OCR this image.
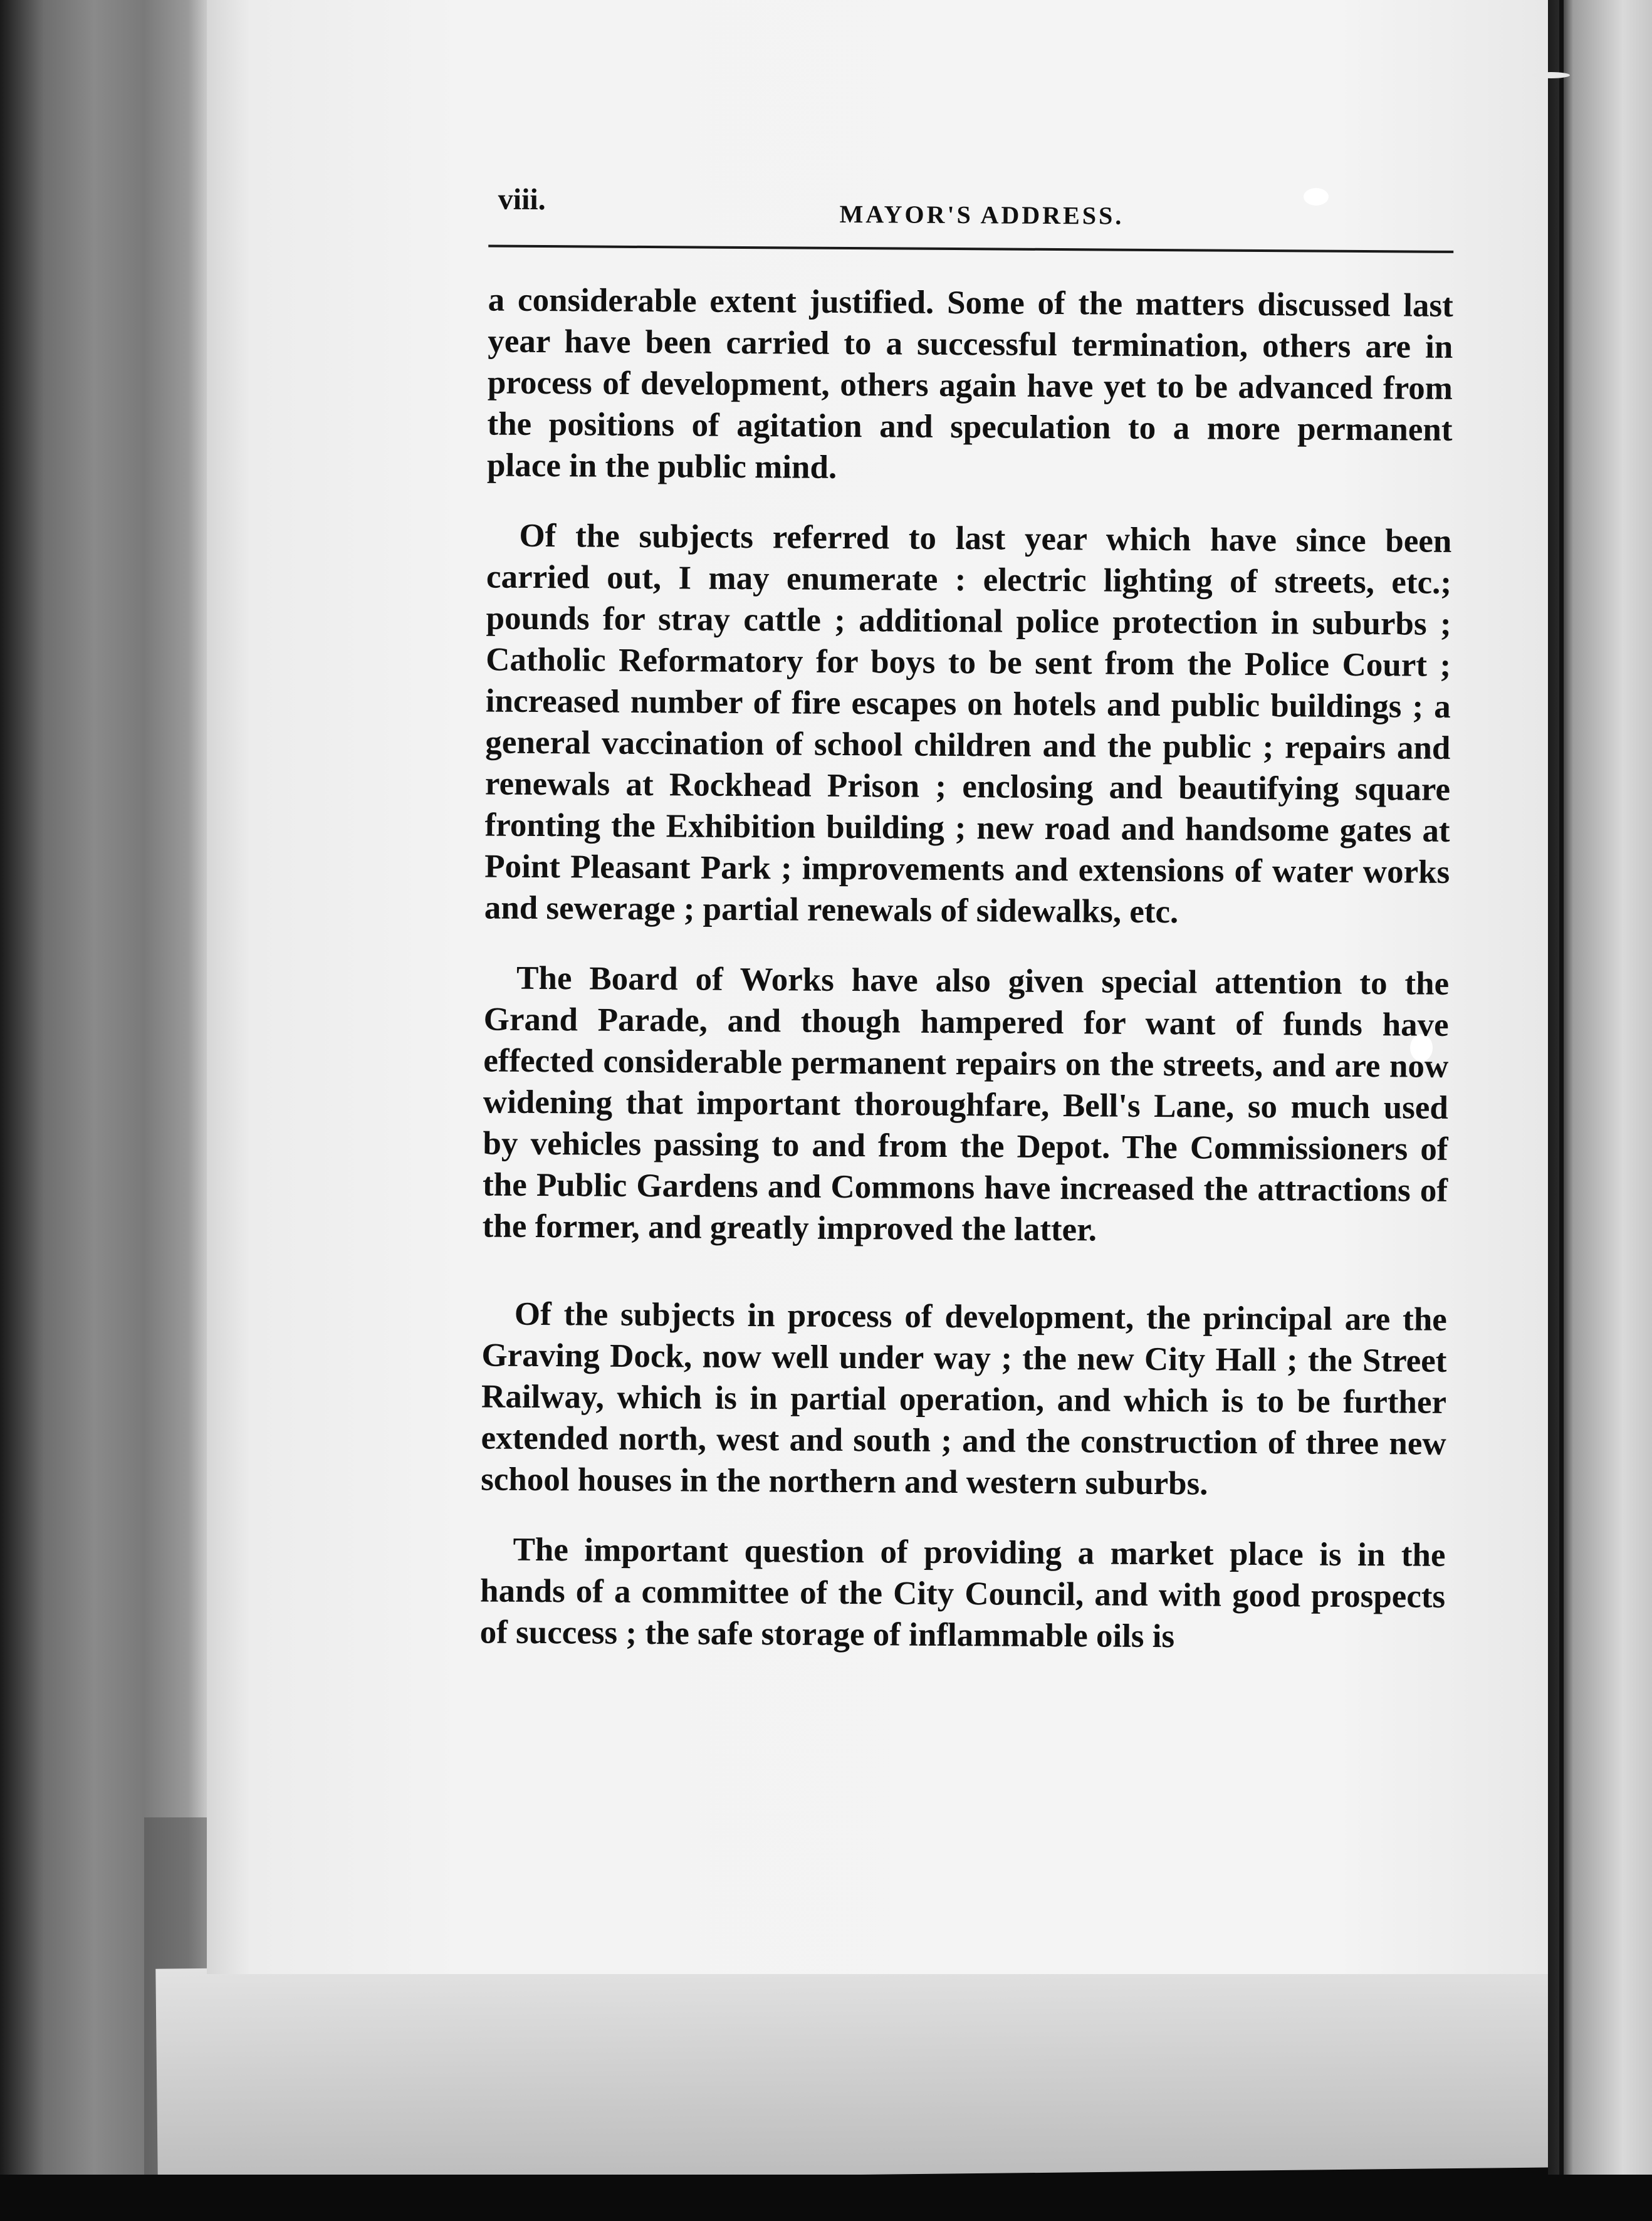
viii.	MAYOR'S ADDRESS.

a considerable extent justified. Some of the matters discussed last year have been carried to a successful termination, others are in process of development, others again have yet to be advanced from the positions of agitation and speculation to a more permanent place in the public mind.

Of the subjects referred to last year which have since been carried out, I may enumerate : electric lighting of streets, etc.; pounds for stray cattle ; additional police protection in suburbs ; Catholic Reformatory for boys to be sent from the Police Court ; increased number of fire escapes on hotels and public buildings ; a general vaccination of school children and the public ; repairs and renewals at Rockhead Prison ; enclosing and beautifying square fronting the Exhibition building ; new road and handsome gates at Point Pleasant Park ; improvements and extensions of water works and sewerage ; partial renewals of sidewalks, etc.

The Board of Works have also given special attention to the Grand Parade, and though hampered for want of funds have effected considerable permanent repairs on the streets, and are now widening that important thoroughfare, Bell's Lane, so much used by vehicles passing to and from the Depot. The Commissioners of the Public Gardens and Commons have increased the attractions of the former, and greatly improved the latter.

Of the subjects in process of development, the principal are the Graving Dock, now well under way ; the new City Hall ; the Street Railway, which is in partial operation, and which is to be further extended north, west and south ; and the construction of three new school houses in the northern and western suburbs.

The important question of providing a market place is in the hands of a committee of the City Council, and with good prospects of success ; the safe storage of inflammable oils is
